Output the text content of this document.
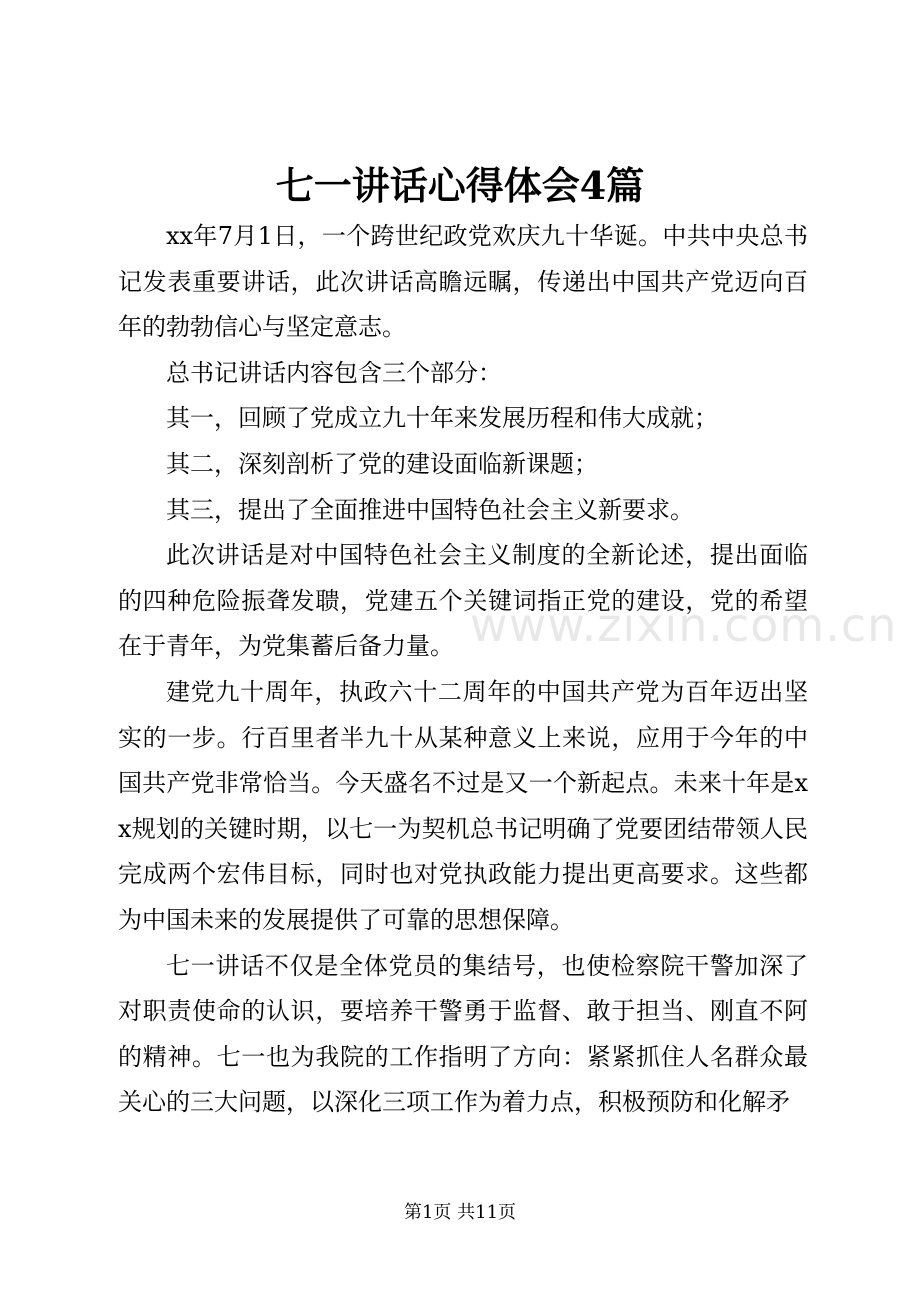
七一讲话心得体会4篇

xx年7月1日，一个跨世纪政党欢庆九十华诞。中共中央总书记发表重要讲话，此次讲话高瞻远瞩，传递出中国共产党迈向百年的勃勃信心与坚定意志。

总书记讲话内容包含三个部分：

其一，回顾了党成立九十年来发展历程和伟大成就；

其二，深刻剖析了党的建设面临新课题；

其三，提出了全面推进中国特色社会主义新要求。

此次讲话是对中国特色社会主义制度的全新论述，提出面临的四种危险振聋发聩，党建五个关键词指正党的建设，党的希望在于青年，为党集蓄后备力量。

建党九十周年，执政六十二周年的中国共产党为百年迈出坚实的一步。行百里者半九十从某种意义上来说，应用于今年的中国共产党非常恰当。今天盛名不过是又一个新起点。未来十年是xx规划的关键时期，以七一为契机总书记明确了党要团结带领人民完成两个宏伟目标，同时也对党执政能力提出更高要求。这些都为中国未来的发展提供了可靠的思想保障。

七一讲话不仅是全体党员的集结号，也使检察院干警加深了对职责使命的认识，要培养干警勇于监督、敢于担当、刚直不阿的精神。七一也为我院的工作指明了方向：紧紧抓住人名群众最关心的三大问题，以深化三项工作为着力点，积极预防和化解矛

www.zixin.com.cn
第1页 共11页
